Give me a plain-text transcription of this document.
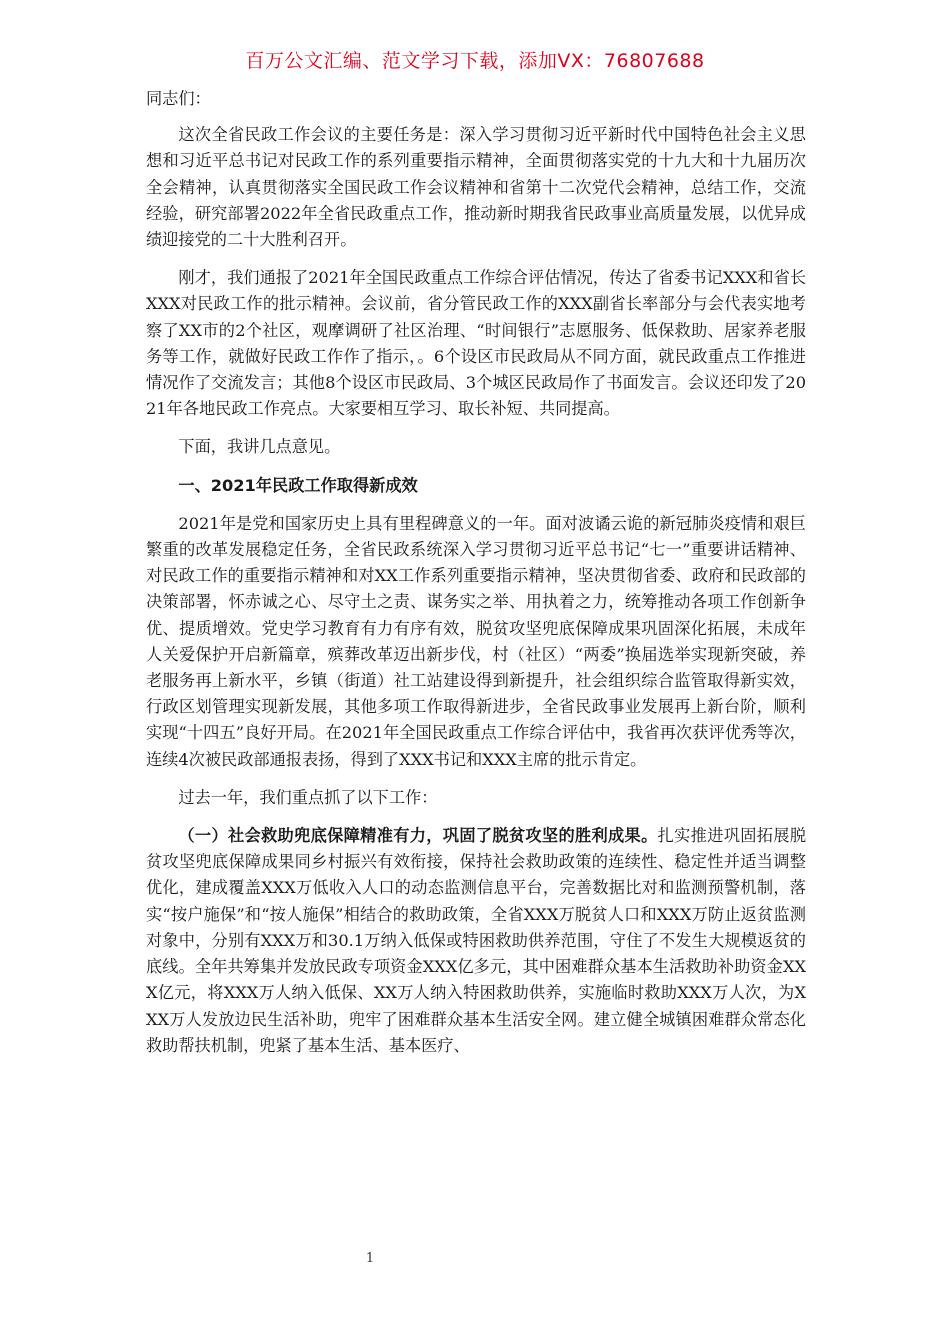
百万公文汇编、范文学习下载，添加VX：76807688

同志们：

这次全省民政工作会议的主要任务是：深入学习贯彻习近平新时代中国特色社会主义思想和习近平总书记对民政工作的系列重要指示精神，全面贯彻落实党的十九大和十九届历次全会精神，认真贯彻落实全国民政工作会议精神和省第十二次党代会精神，总结工作，交流经验，研究部署2022年全省民政重点工作，推动新时期我省民政事业高质量发展，以优异成绩迎接党的二十大胜利召开。

刚才，我们通报了2021年全国民政重点工作综合评估情况，传达了省委书记XXX和省长XXX对民政工作的批示精神。会议前，省分管民政工作的XXX副省长率部分与会代表实地考察了XX市的2个社区，观摩调研了社区治理、“时间银行”志愿服务、低保救助、居家养老服务等工作，就做好民政工作作了指示，。6个设区市民政局从不同方面，就民政重点工作推进情况作了交流发言；其他8个设区市民政局、3个城区民政局作了书面发言。会议还印发了2021年各地民政工作亮点。大家要相互学习、取长补短、共同提高。

下面，我讲几点意见。

一、2021年民政工作取得新成效

2021年是党和国家历史上具有里程碑意义的一年。面对波谲云诡的新冠肺炎疫情和艰巨繁重的改革发展稳定任务，全省民政系统深入学习贯彻习近平总书记“七一”重要讲话精神、对民政工作的重要指示精神和对XX工作系列重要指示精神，坚决贯彻省委、政府和民政部的决策部署，怀赤诚之心、尽守土之责、谋务实之举、用执着之力，统筹推动各项工作创新争优、提质增效。党史学习教育有力有序有效，脱贫攻坚兜底保障成果巩固深化拓展，未成年人关爱保护开启新篇章，殡葬改革迈出新步伐，村（社区）“两委”换届选举实现新突破，养老服务再上新水平，乡镇（街道）社工站建设得到新提升，社会组织综合监管取得新实效，行政区划管理实现新发展，其他多项工作取得新进步，全省民政事业发展再上新台阶，顺利实现“十四五”良好开局。在2021年全国民政重点工作综合评估中，我省再次获评优秀等次，连续4次被民政部通报表扬，得到了XXX书记和XXX主席的批示肯定。

过去一年，我们重点抓了以下工作：

（一）社会救助兜底保障精准有力，巩固了脱贫攻坚的胜利成果。扎实推进巩固拓展脱贫攻坚兜底保障成果同乡村振兴有效衔接，保持社会救助政策的连续性、稳定性并适当调整优化，建成覆盖XXX万低收入人口的动态监测信息平台，完善数据比对和监测预警机制，落实“按户施保”和“按人施保”相结合的救助政策，全省XXX万脱贫人口和XXX万防止返贫监测对象中，分别有XXX万和30.1万纳入低保或特困救助供养范围，守住了不发生大规模返贫的底线。全年共筹集并发放民政专项资金XXX亿多元，其中困难群众基本生活救助补助资金XXX亿元，将XXX万人纳入低保、XX万人纳入特困救助供养，实施临时救助XXX万人次，为XXX万人发放边民生活补助，兜牢了困难群众基本生活安全网。建立健全城镇困难群众常态化救助帮扶机制，兜紧了基本生活、基本医疗、

1
